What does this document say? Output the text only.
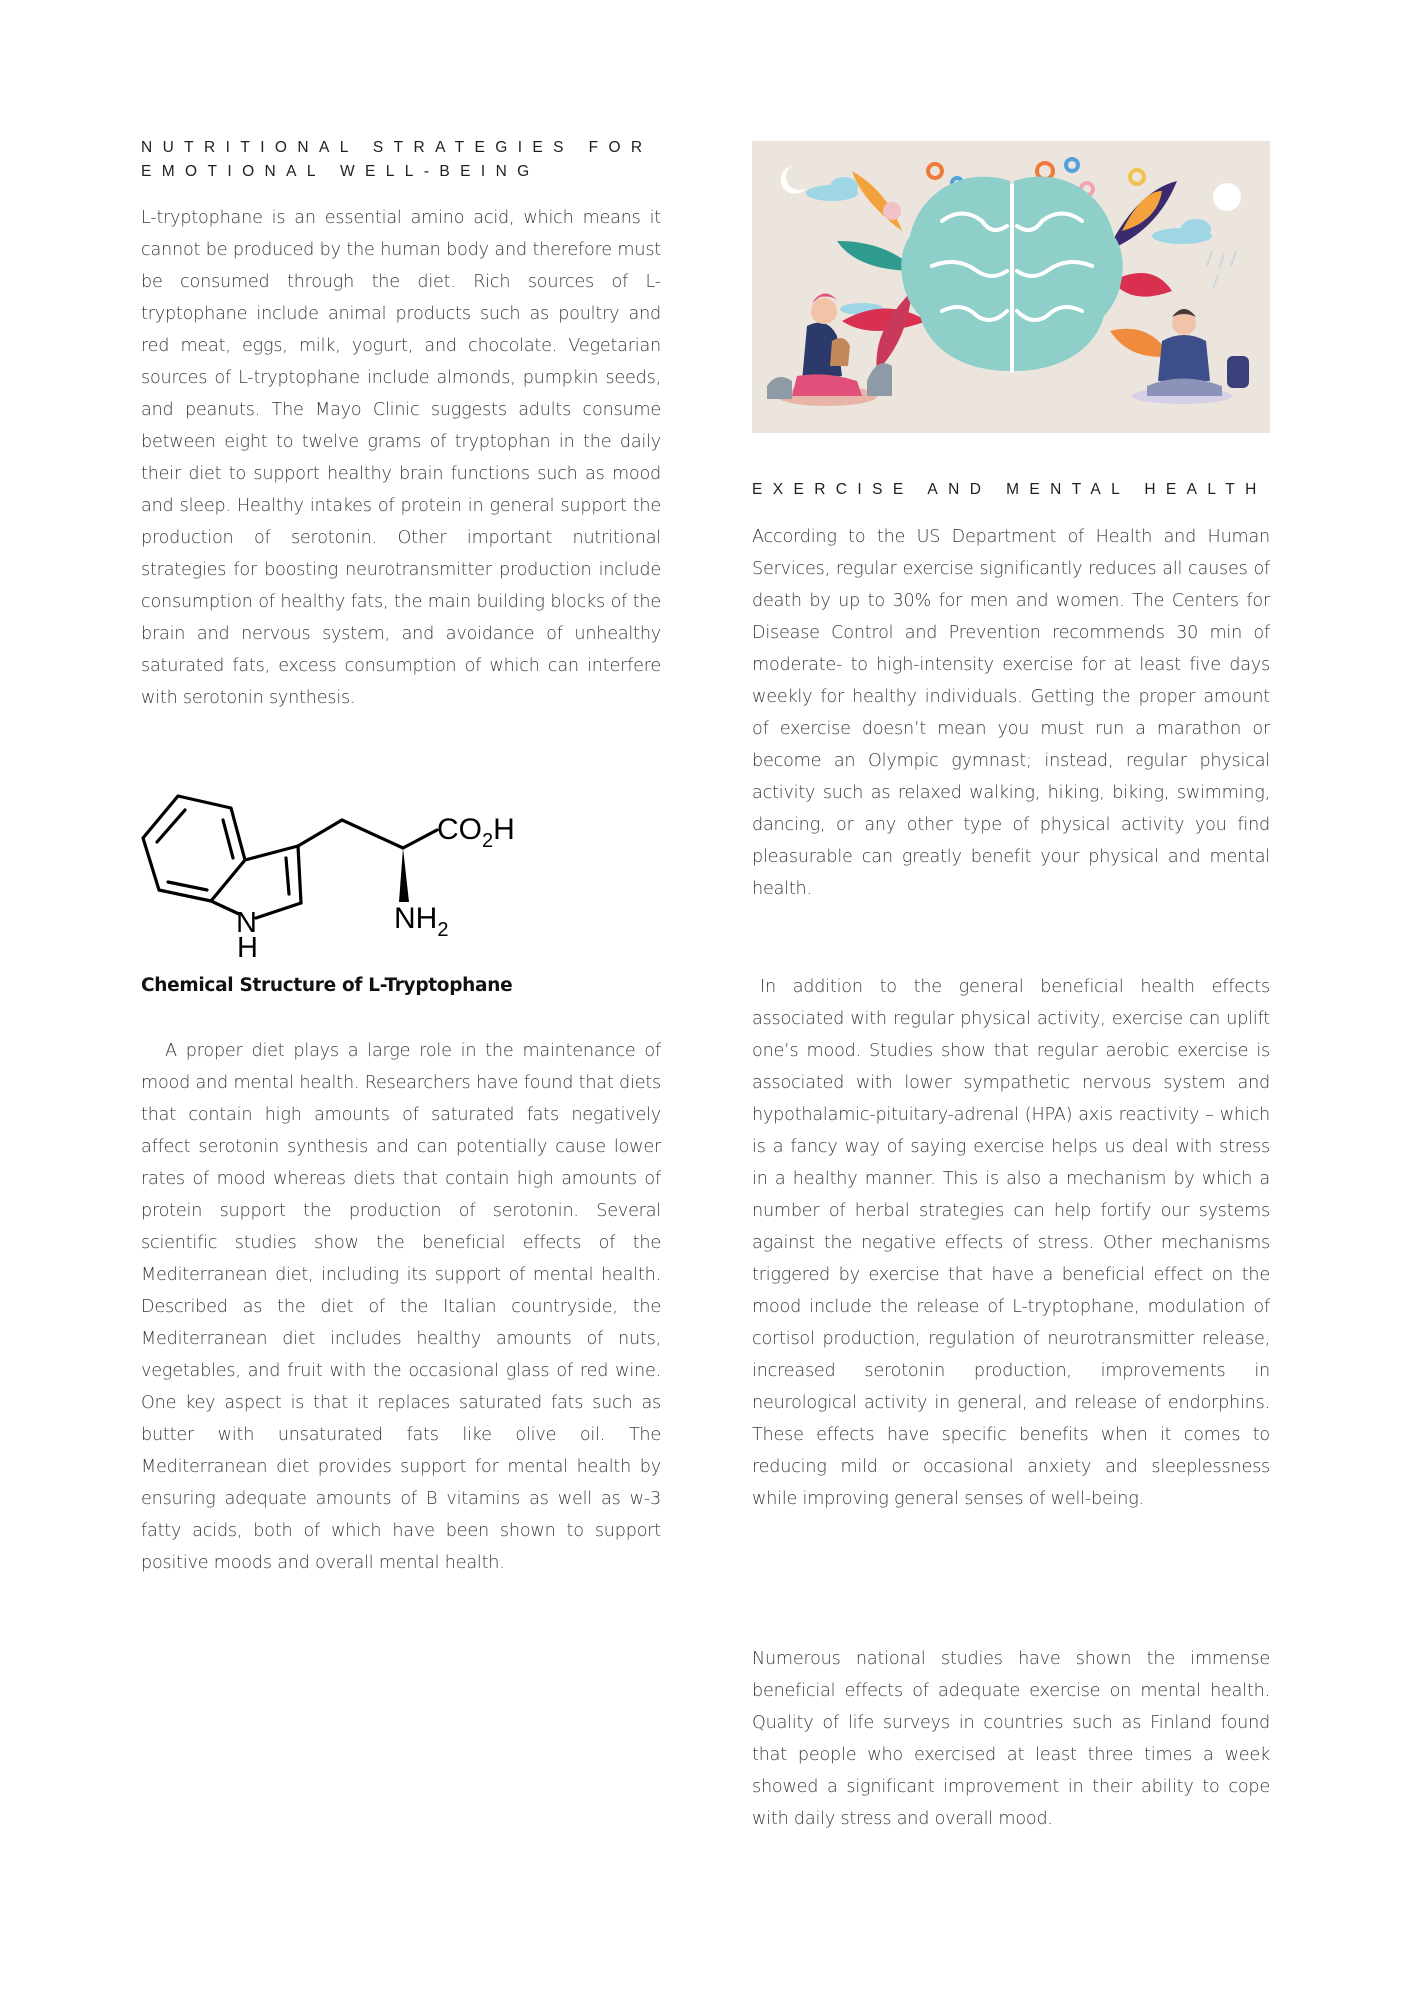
NUTRITIONAL STRATEGIES FOR
EMOTIONAL WELL-BEING

L-tryptophane is an essential amino acid, which means it cannot be produced by the human body and therefore must be consumed through the diet. Rich sources of L-tryptophane include animal products such as poultry and red meat, eggs, milk, yogurt, and chocolate. Vegetarian sources of L-tryptophane include almonds, pumpkin seeds, and peanuts. The Mayo Clinic suggests adults consume between eight to twelve grams of tryptophan in the daily their diet to support healthy brain functions such as mood and sleep. Healthy intakes of protein in general support the production of serotonin. Other important nutritional strategies for boosting neurotransmitter production include consumption of healthy fats, the main building blocks of the brain and nervous system, and avoidance of unhealthy saturated fats, excess consumption of which can interfere with serotonin synthesis.

$CO_2H$
$NH_2$
N
H

Chemical Structure of L-Tryptophane

A proper diet plays a large role in the maintenance of mood and mental health. Researchers have found that diets that contain high amounts of saturated fats negatively affect serotonin synthesis and can potentially cause lower rates of mood whereas diets that contain high amounts of protein support the production of serotonin. Several scientific studies show the beneficial effects of the Mediterranean diet, including its support of mental health. Described as the diet of the Italian countryside, the Mediterranean diet includes healthy amounts of nuts, vegetables, and fruit with the occasional glass of red wine. One key aspect is that it replaces saturated fats such as butter with unsaturated fats like olive oil. The Mediterranean diet provides support for mental health by ensuring adequate amounts of B vitamins as well as w-3 fatty acids, both of which have been shown to support positive moods and overall mental health.

EXERCISE AND MENTAL HEALTH

According to the US Department of Health and Human Services, regular exercise significantly reduces all causes of death by up to 30% for men and women. The Centers for Disease Control and Prevention recommends 30 min of moderate- to high-intensity exercise for at least five days weekly for healthy individuals. Getting the proper amount of exercise doesn’t mean you must run a marathon or become an Olympic gymnast; instead, regular physical activity such as relaxed walking, hiking, biking, swimming, dancing, or any other type of physical activity you find pleasurable can greatly benefit your physical and mental health.

In addition to the general beneficial health effects associated with regular physical activity, exercise can uplift one’s mood. Studies show that regular aerobic exercise is associated with lower sympathetic nervous system and hypothalamic-pituitary-adrenal (HPA) axis reactivity – which is a fancy way of saying exercise helps us deal with stress in a healthy manner. This is also a mechanism by which a number of herbal strategies can help fortify our systems against the negative effects of stress. Other mechanisms triggered by exercise that have a beneficial effect on the mood include the release of L-tryptophane, modulation of cortisol production, regulation of neurotransmitter release, increased serotonin production, improvements in neurological activity in general, and release of endorphins. These effects have specific benefits when it comes to reducing mild or occasional anxiety and sleeplessness while improving general senses of well-being.

Numerous national studies have shown the immense beneficial effects of adequate exercise on mental health. Quality of life surveys in countries such as Finland found that people who exercised at least three times a week showed a significant improvement in their ability to cope with daily stress and overall mood.
